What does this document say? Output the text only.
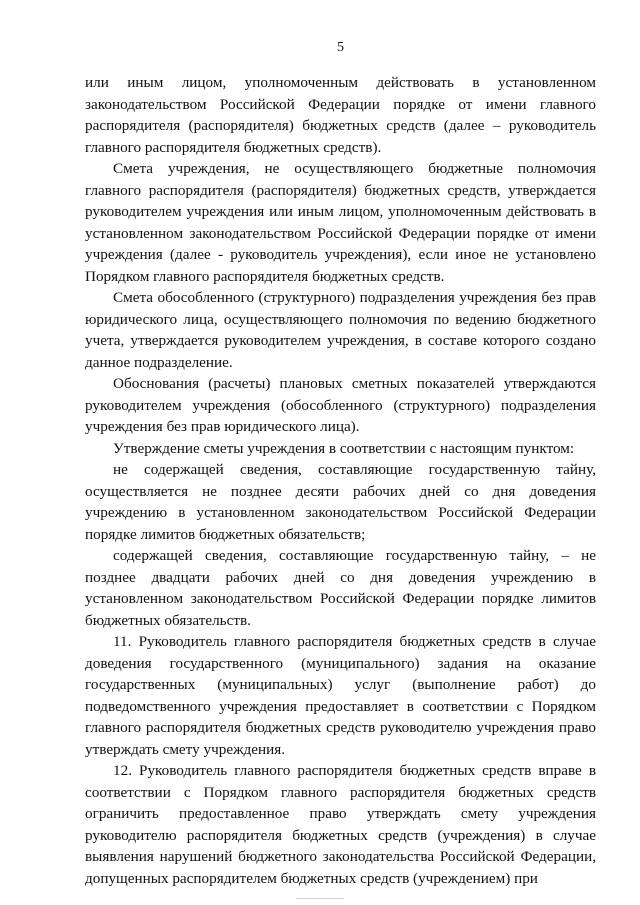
5

или иным лицом, уполномоченным действовать в установленном законодательством Российской Федерации порядке от имени главного распорядителя (распорядителя) бюджетных средств (далее – руководитель главного распорядителя бюджетных средств).

Смета учреждения, не осуществляющего бюджетные полномочия главного распорядителя (распорядителя) бюджетных средств, утверждается руководителем учреждения или иным лицом, уполномоченным действовать в установленном законодательством Российской Федерации порядке от имени учреждения (далее - руководитель учреждения), если иное не установлено Порядком главного распорядителя бюджетных средств.

Смета обособленного (структурного) подразделения учреждения без прав юридического лица, осуществляющего полномочия по ведению бюджетного учета, утверждается руководителем учреждения, в составе которого создано данное подразделение.

Обоснования (расчеты) плановых сметных показателей утверждаются руководителем учреждения (обособленного (структурного) подразделения учреждения без прав юридического лица).

Утверждение сметы учреждения в соответствии с настоящим пунктом:

не содержащей сведения, составляющие государственную тайну, осуществляется не позднее десяти рабочих дней со дня доведения учреждению в установленном законодательством Российской Федерации порядке лимитов бюджетных обязательств;

содержащей сведения, составляющие государственную тайну, – не позднее двадцати рабочих дней со дня доведения учреждению в установленном законодательством Российской Федерации порядке лимитов бюджетных обязательств.

11. Руководитель главного распорядителя бюджетных средств в случае доведения государственного (муниципального) задания на оказание государственных (муниципальных) услуг (выполнение работ) до подведомственного учреждения предоставляет в соответствии с Порядком главного распорядителя бюджетных средств руководителю учреждения право утверждать смету учреждения.

12. Руководитель главного распорядителя бюджетных средств вправе в соответствии с Порядком главного распорядителя бюджетных средств ограничить предоставленное право утверждать смету учреждения руководителю распорядителя бюджетных средств (учреждения) в случае выявления нарушений бюджетного законодательства Российской Федерации, допущенных распорядителем бюджетных средств (учреждением) при
